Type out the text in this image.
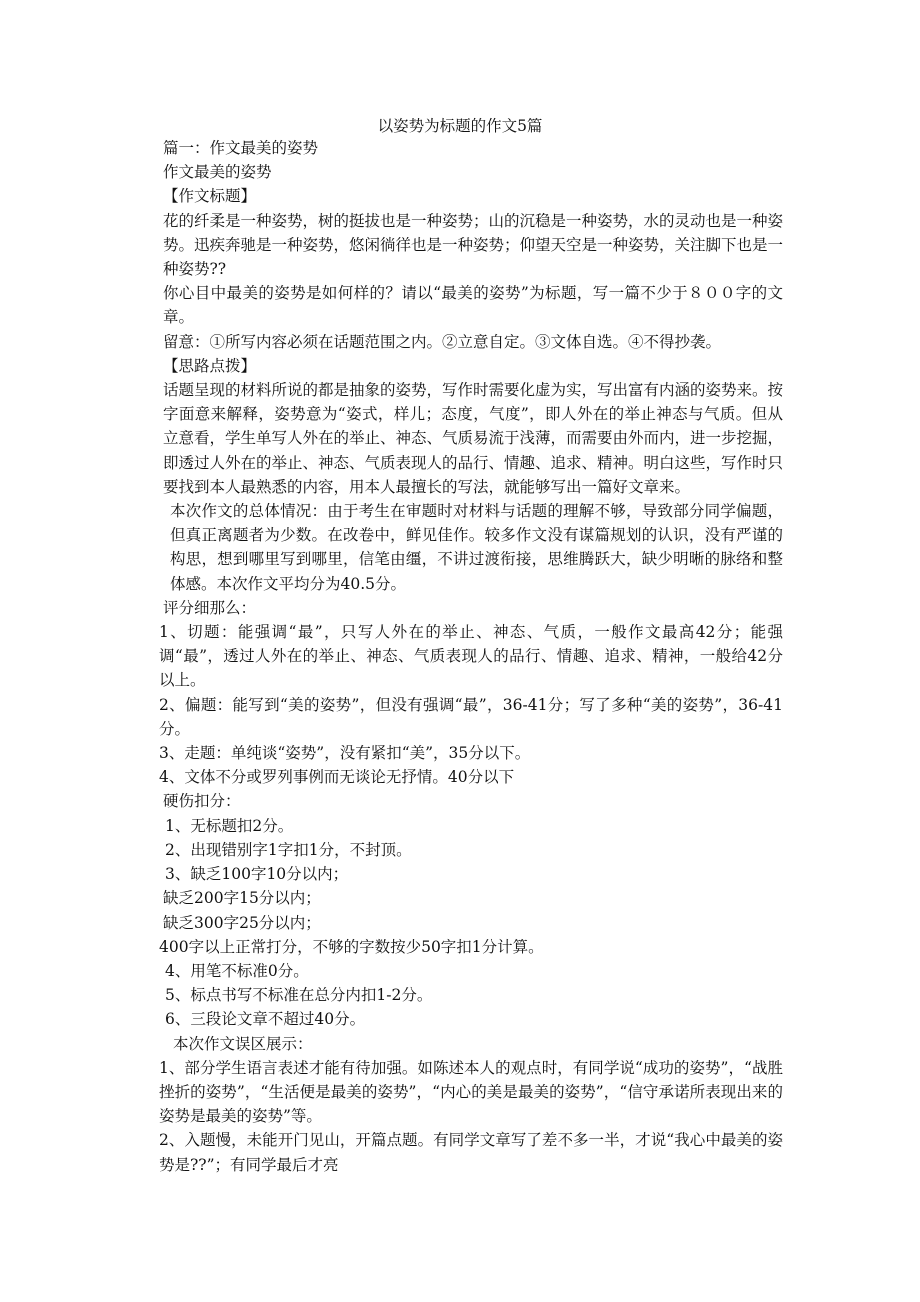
以姿势为标题的作文5篇

篇一：作文最美的姿势

作文最美的姿势

【作文标题】

花的纤柔是一种姿势，树的挺拔也是一种姿势；山的沉稳是一种姿势，水的灵动也是一种姿势。迅疾奔驰是一种姿势，悠闲徜徉也是一种姿势；仰望天空是一种姿势，关注脚下也是一种姿势??

你心目中最美的姿势是如何样的？请以“最美的姿势”为标题，写一篇不少于８００字的文章。

留意：①所写内容必须在话题范围之内。②立意自定。③文体自选。④不得抄袭。

【思路点拨】

话题呈现的材料所说的都是抽象的姿势，写作时需要化虚为实，写出富有内涵的姿势来。按字面意来解释，姿势意为“姿式，样儿；态度，气度”，即人外在的举止神态与气质。但从立意看，学生单写人外在的举止、神态、气质易流于浅薄，而需要由外而内，进一步挖掘，即透过人外在的举止、神态、气质表现人的品行、情趣、追求、精神。明白这些，写作时只要找到本人最熟悉的内容，用本人最擅长的写法，就能够写出一篇好文章来。

本次作文的总体情况：由于考生在审题时对材料与话题的理解不够，导致部分同学偏题，但真正离题者为少数。在改卷中，鲜见佳作。较多作文没有谋篇规划的认识，没有严谨的构思，想到哪里写到哪里，信笔由缰，不讲过渡衔接，思维腾跃大，缺少明晰的脉络和整体感。本次作文平均分为40.5分。

评分细那么：

1、切题：能强调“最”，只写人外在的举止、神态、气质，一般作文最高42分；能强调“最”，透过人外在的举止、神态、气质表现人的品行、情趣、追求、精神，一般给42分以上。

2、偏题：能写到“美的姿势”，但没有强调“最”，36-41分；写了多种“美的姿势”，36-41分。

3、走题：单纯谈“姿势”，没有紧扣“美”，35分以下。

4、文体不分或罗列事例而无谈论无抒情。40分以下

硬伤扣分：

1、无标题扣2分。

2、出现错别字1字扣1分，不封顶。

3、缺乏100字10分以内；

缺乏200字15分以内；

缺乏300字25分以内；

400字以上正常打分，不够的字数按少50字扣1分计算。

4、用笔不标准0分。

5、标点书写不标准在总分内扣1-2分。

6、三段论文章不超过40分。

本次作文误区展示：

1、部分学生语言表述才能有待加强。如陈述本人的观点时，有同学说“成功的姿势”，“战胜挫折的姿势”，“生活便是最美的姿势”，“内心的美是最美的姿势”，“信守承诺所表现出来的姿势是最美的姿势”等。

2、入题慢，未能开门见山，开篇点题。有同学文章写了差不多一半，才说“我心中最美的姿势是??”；有同学最后才亮
